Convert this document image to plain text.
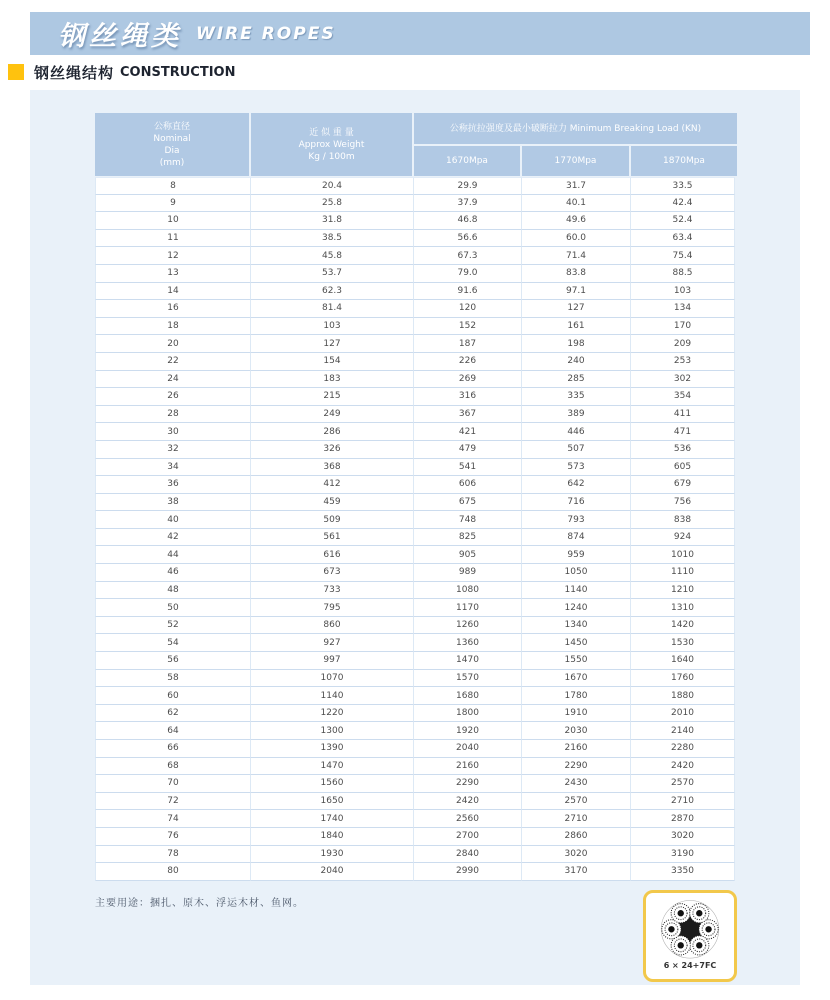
钢丝绳类 WIRE ROPES
钢丝绳结构 CONSTRUCTION
公称直径
Nominal
Dia
(mm)
近 似 重 量
Approx Weight
Kg / 100m
公称抗拉强度及最小破断拉力 Minimum Breaking Load (KN)
1670Mpa	1770Mpa	1870Mpa
8	20.4	29.9	31.7	33.5
9	25.8	37.9	40.1	42.4
10	31.8	46.8	49.6	52.4
11	38.5	56.6	60.0	63.4
12	45.8	67.3	71.4	75.4
13	53.7	79.0	83.8	88.5
14	62.3	91.6	97.1	103
16	81.4	120	127	134
18	103	152	161	170
20	127	187	198	209
22	154	226	240	253
24	183	269	285	302
26	215	316	335	354
28	249	367	389	411
30	286	421	446	471
32	326	479	507	536
34	368	541	573	605
36	412	606	642	679
38	459	675	716	756
40	509	748	793	838
42	561	825	874	924
44	616	905	959	1010
46	673	989	1050	1110
48	733	1080	1140	1210
50	795	1170	1240	1310
52	860	1260	1340	1420
54	927	1360	1450	1530
56	997	1470	1550	1640
58	1070	1570	1670	1760
60	1140	1680	1780	1880
62	1220	1800	1910	2010
64	1300	1920	2030	2140
66	1390	2040	2160	2280
68	1470	2160	2290	2420
70	1560	2290	2430	2570
72	1650	2420	2570	2710
74	1740	2560	2710	2870
76	1840	2700	2860	3020
78	1930	2840	3020	3190
80	2040	2990	3170	3350
主要用途：捆扎、原木、浮运木材、鱼网。
6 × 24+7FC
